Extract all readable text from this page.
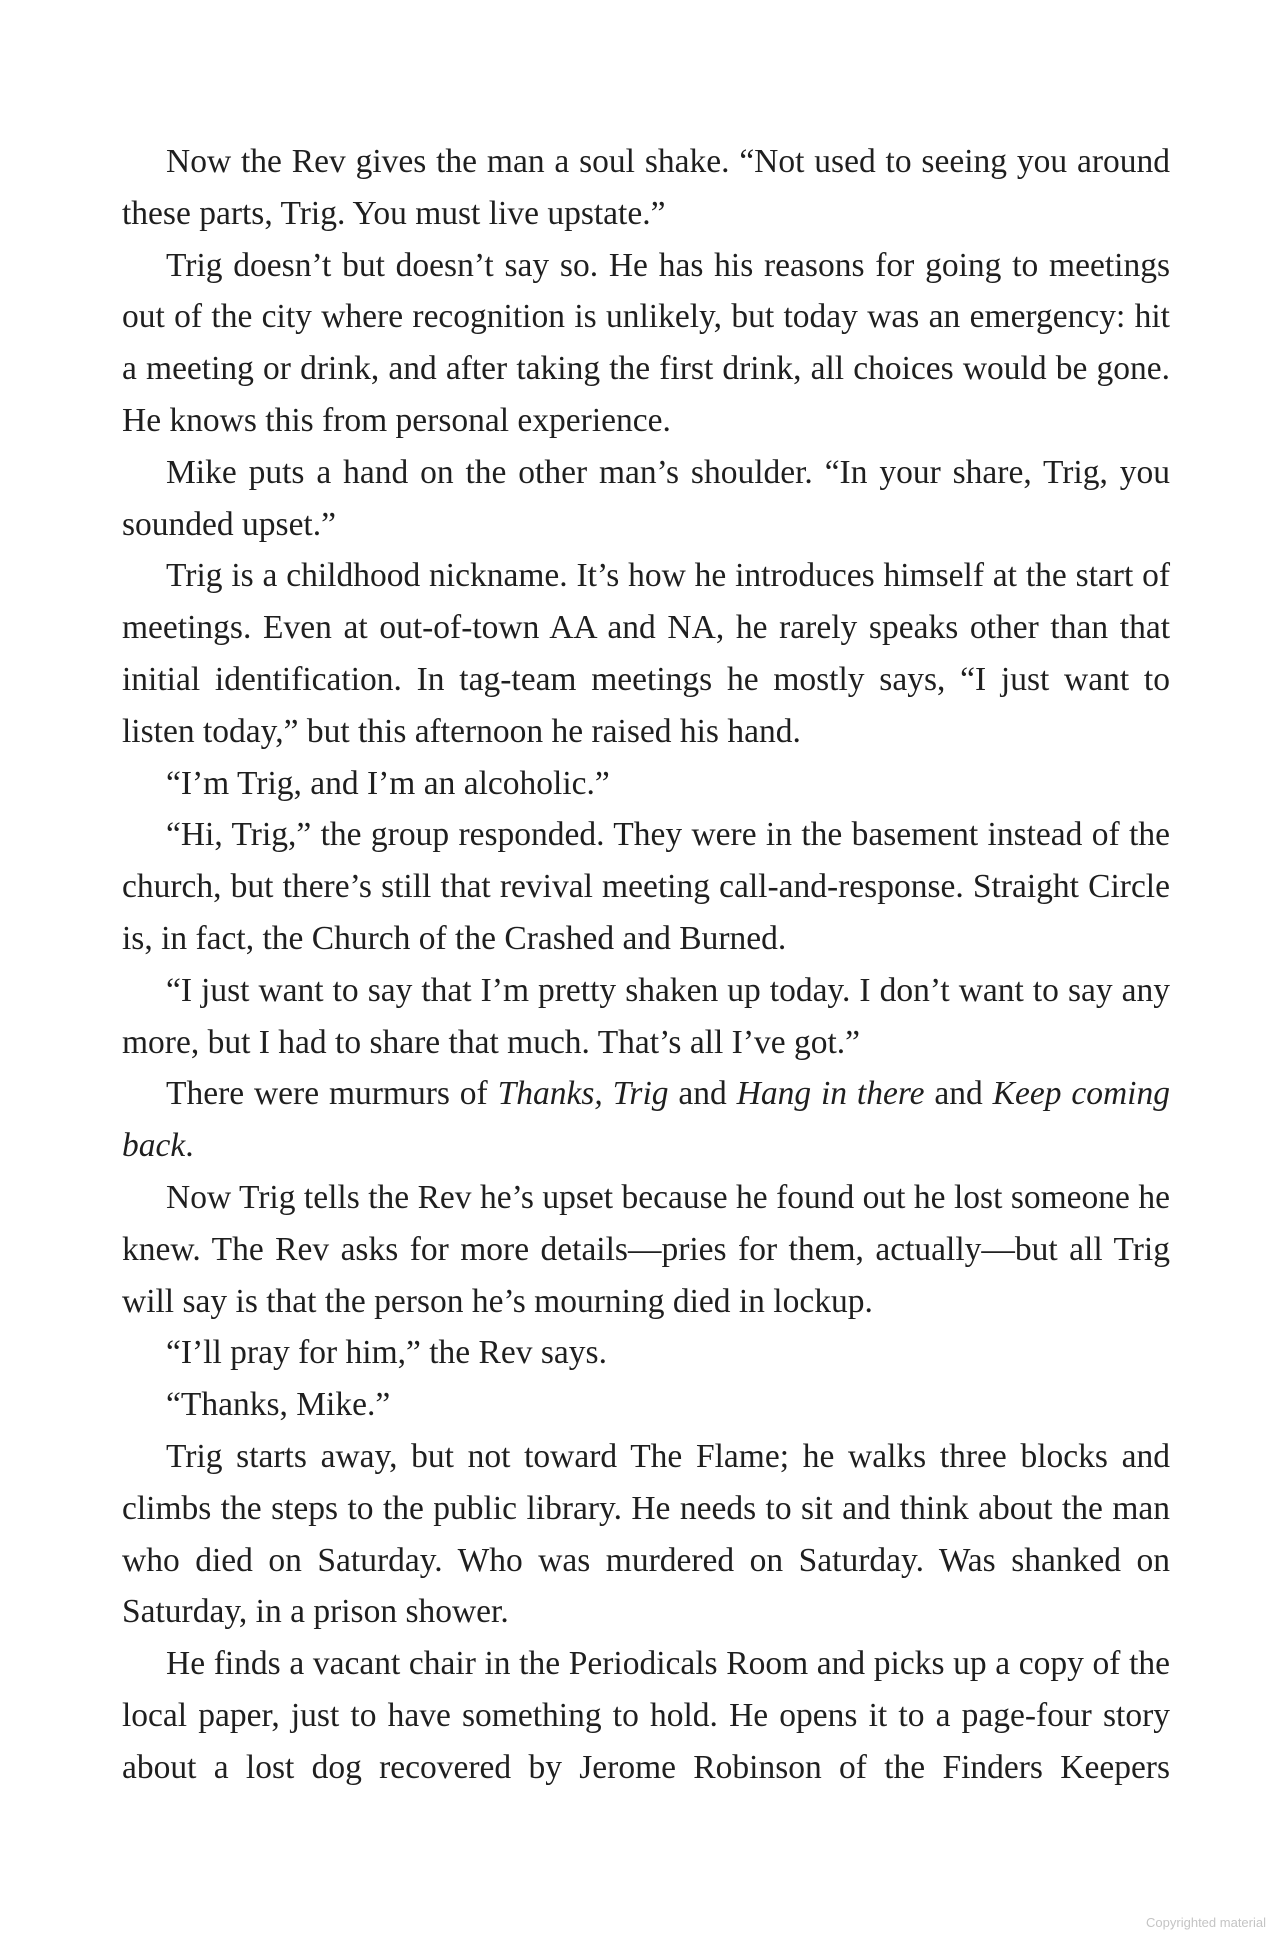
Now the Rev gives the man a soul shake. “Not used to seeing you around these parts, Trig. You must live upstate.”

Trig doesn’t but doesn’t say so. He has his reasons for going to meetings out of the city where recognition is unlikely, but today was an emergency: hit a meeting or drink, and after taking the first drink, all choices would be gone. He knows this from personal experience.

Mike puts a hand on the other man’s shoulder. “In your share, Trig, you sounded upset.”

Trig is a childhood nickname. It’s how he introduces himself at the start of meetings. Even at out-of-town AA and NA, he rarely speaks other than that initial identification. In tag-team meetings he mostly says, “I just want to listen today,” but this afternoon he raised his hand.

“I’m Trig, and I’m an alcoholic.”

“Hi, Trig,” the group responded. They were in the basement instead of the church, but there’s still that revival meeting call-and-response. Straight Circle is, in fact, the Church of the Crashed and Burned.

“I just want to say that I’m pretty shaken up today. I don’t want to say any more, but I had to share that much. That’s all I’ve got.”

There were murmurs of Thanks, Trig and Hang in there and Keep coming back.

Now Trig tells the Rev he’s upset because he found out he lost someone he knew. The Rev asks for more details—pries for them, actually—but all Trig will say is that the person he’s mourning died in lockup.

“I’ll pray for him,” the Rev says.

“Thanks, Mike.”

Trig starts away, but not toward The Flame; he walks three blocks and climbs the steps to the public library. He needs to sit and think about the man who died on Saturday. Who was murdered on Saturday. Was shanked on Saturday, in a prison shower.

He finds a vacant chair in the Periodicals Room and picks up a copy of the local paper, just to have something to hold. He opens it to a page-four story about a lost dog recovered by Jerome Robinson of the Finders Keepers

Copyrighted material
